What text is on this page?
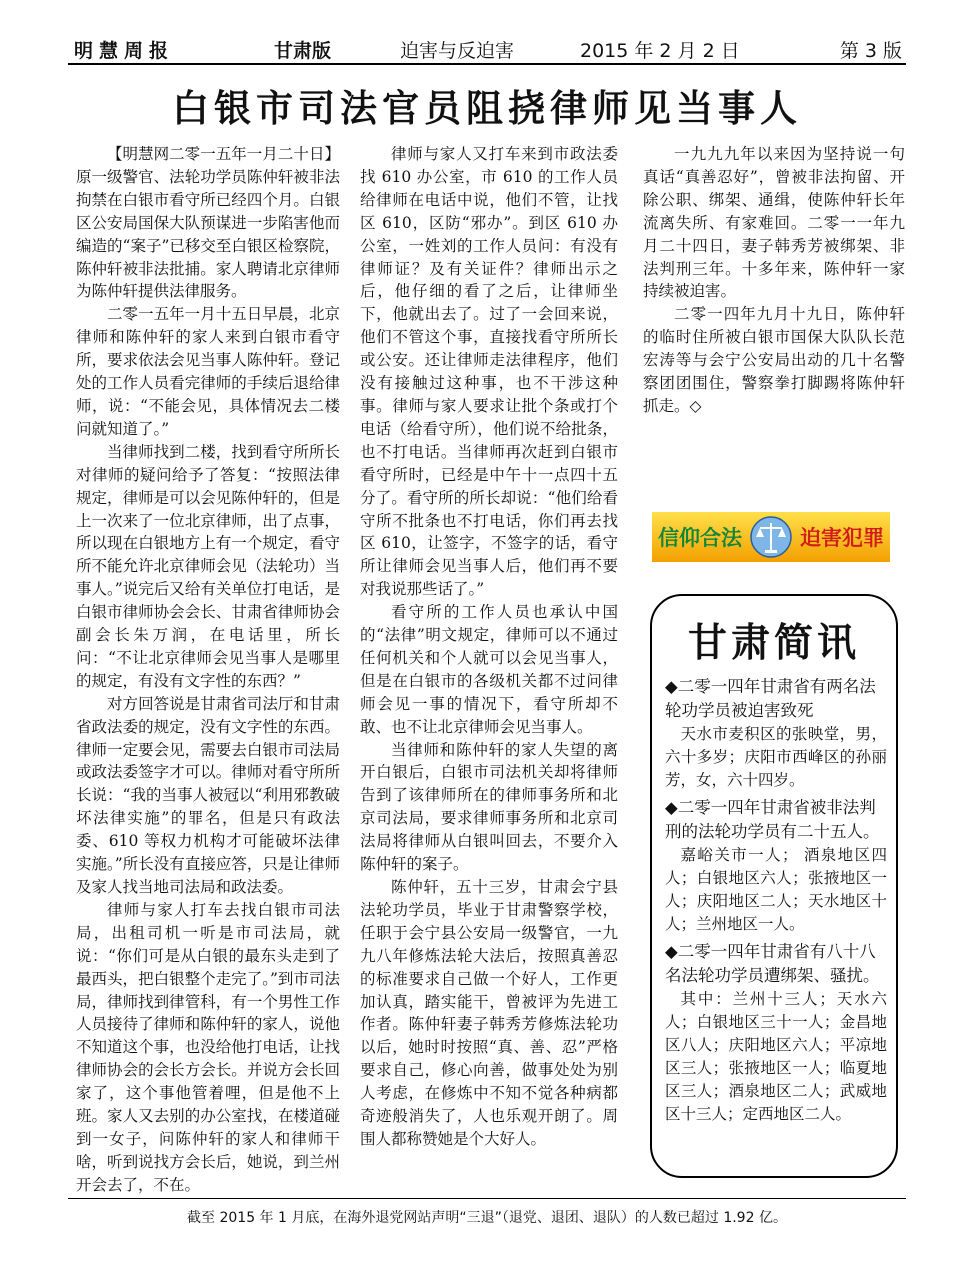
明慧周报	甘肃版	迫害与反迫害	2015 年 2 月 2 日	第 3 版
白银市司法官员阻挠律师见当事人

【明慧网二零一五年一月二十日】原一级警官、法轮功学员陈仲轩被非法拘禁在白银市看守所已经四个月。白银区公安局国保大队预谋进一步陷害他而编造的“案子”已移交至白银区检察院，陈仲轩被非法批捕。家人聘请北京律师为陈仲轩提供法律服务。

二零一五年一月十五日早晨，北京律师和陈仲轩的家人来到白银市看守所，要求依法会见当事人陈仲轩。登记处的工作人员看完律师的手续后退给律师，说：“不能会见，具体情况去二楼问就知道了。”

当律师找到二楼，找到看守所所长对律师的疑问给予了答复：“按照法律规定，律师是可以会见陈仲轩的，但是上一次来了一位北京律师，出了点事，所以现在白银地方上有一个规定，看守所不能允许北京律师会见（法轮功）当事人。”说完后又给有关单位打电话，是白银市律师协会会长、甘肃省律师协会副会长朱万润，在电话里，所长问：“不让北京律师会见当事人是哪里的规定，有没有文字性的东西？”

对方回答说是甘肃省司法厅和甘肃省政法委的规定，没有文字性的东西。律师一定要会见，需要去白银市司法局或政法委签字才可以。律师对看守所所长说：“我的当事人被冠以“利用邪教破坏法律实施”的罪名，但是只有政法委、610 等权力机构才可能破坏法律实施。”所长没有直接应答，只是让律师及家人找当地司法局和政法委。

律师与家人打车去找白银市司法局，出租司机一听是市司法局，就说：“你们可是从白银的最东头走到了最西头，把白银整个走完了。”到市司法局，律师找到律管科，有一个男性工作人员接待了律师和陈仲轩的家人，说他不知道这个事，也没给他打电话，让找律师协会的会长方会长。并说方会长回家了，这个事他管着哩，但是他不上班。家人又去别的办公室找，在楼道碰到一女子，问陈仲轩的家人和律师干啥，听到说找方会长后，她说，到兰州开会去了，不在。

律师与家人又打车来到市政法委找 610 办公室，市 610 的工作人员给律师在电话中说，他们不管，让找区 610，区防“邪办”。到区 610 办公室，一姓刘的工作人员问：有没有律师证？及有关证件？律师出示之后，他仔细的看了之后，让律师坐下，他就出去了。过了一会回来说，他们不管这个事，直接找看守所所长或公安。还让律师走法律程序，他们没有接触过这种事，也不干涉这种事。律师与家人要求让批个条或打个电话（给看守所），他们说不给批条，也不打电话。当律师再次赶到白银市看守所时，已经是中午十一点四十五分了。看守所的所长却说：“他们给看守所不批条也不打电话，你们再去找区 610，让签字，不签字的话，看守所让律师会见当事人后，他们再不要对我说那些话了。”

看守所的工作人员也承认中国的“法律”明文规定，律师可以不通过任何机关和个人就可以会见当事人，但是在白银市的各级机关都不过问律师会见一事的情况下，看守所却不敢、也不让北京律师会见当事人。

当律师和陈仲轩的家人失望的离开白银后，白银市司法机关却将律师告到了该律师所在的律师事务所和北京司法局，要求律师事务所和北京司法局将律师从白银叫回去，不要介入陈仲轩的案子。

陈仲轩，五十三岁，甘肃会宁县法轮功学员，毕业于甘肃警察学校，任职于会宁县公安局一级警官，一九九八年修炼法轮大法后，按照真善忍的标准要求自己做一个好人，工作更加认真，踏实能干，曾被评为先进工作者。陈仲轩妻子韩秀芳修炼法轮功以后，她时时按照“真、善、忍”严格要求自己，修心向善，做事处处为别人考虑，在修炼中不知不觉各种病都奇迹般消失了，人也乐观开朗了。周围人都称赞她是个大好人。

一九九九年以来因为坚持说一句真话“真善忍好”，曾被非法拘留、开除公职、绑架、通缉，使陈仲轩长年流离失所、有家难回。二零一一年九月二十四日，妻子韩秀芳被绑架、非法判刑三年。十多年来，陈仲轩一家持续被迫害。

二零一四年九月十九日，陈仲轩的临时住所被白银市国保大队队长范宏涛等与会宁公安局出动的几十名警察团团围住，警察拳打脚踢将陈仲轩抓走。◇

信仰合法	迫害犯罪
甘肃简讯
◆二零一四年甘肃省有两名法轮功学员被迫害致死

天水市麦积区的张映堂，男，六十多岁；庆阳市西峰区的孙丽芳，女，六十四岁。

◆二零一四年甘肃省被非法判刑的法轮功学员有二十五人。

嘉峪关市一人； 酒泉地区四人；白银地区六人；张掖地区一人；庆阳地区二人；天水地区十人；兰州地区一人。

◆二零一四年甘肃省有八十八名法轮功学员遭绑架、骚扰。

其中：兰州十三人；天水六人；白银地区三十一人；金昌地区八人；庆阳地区六人；平凉地区三人；张掖地区一人；临夏地区三人；酒泉地区二人；武威地区十三人；定西地区二人。

截至 2015 年 1 月底，在海外退党网站声明“三退”（退党、退团、退队）的人数已超过 1.92 亿。
